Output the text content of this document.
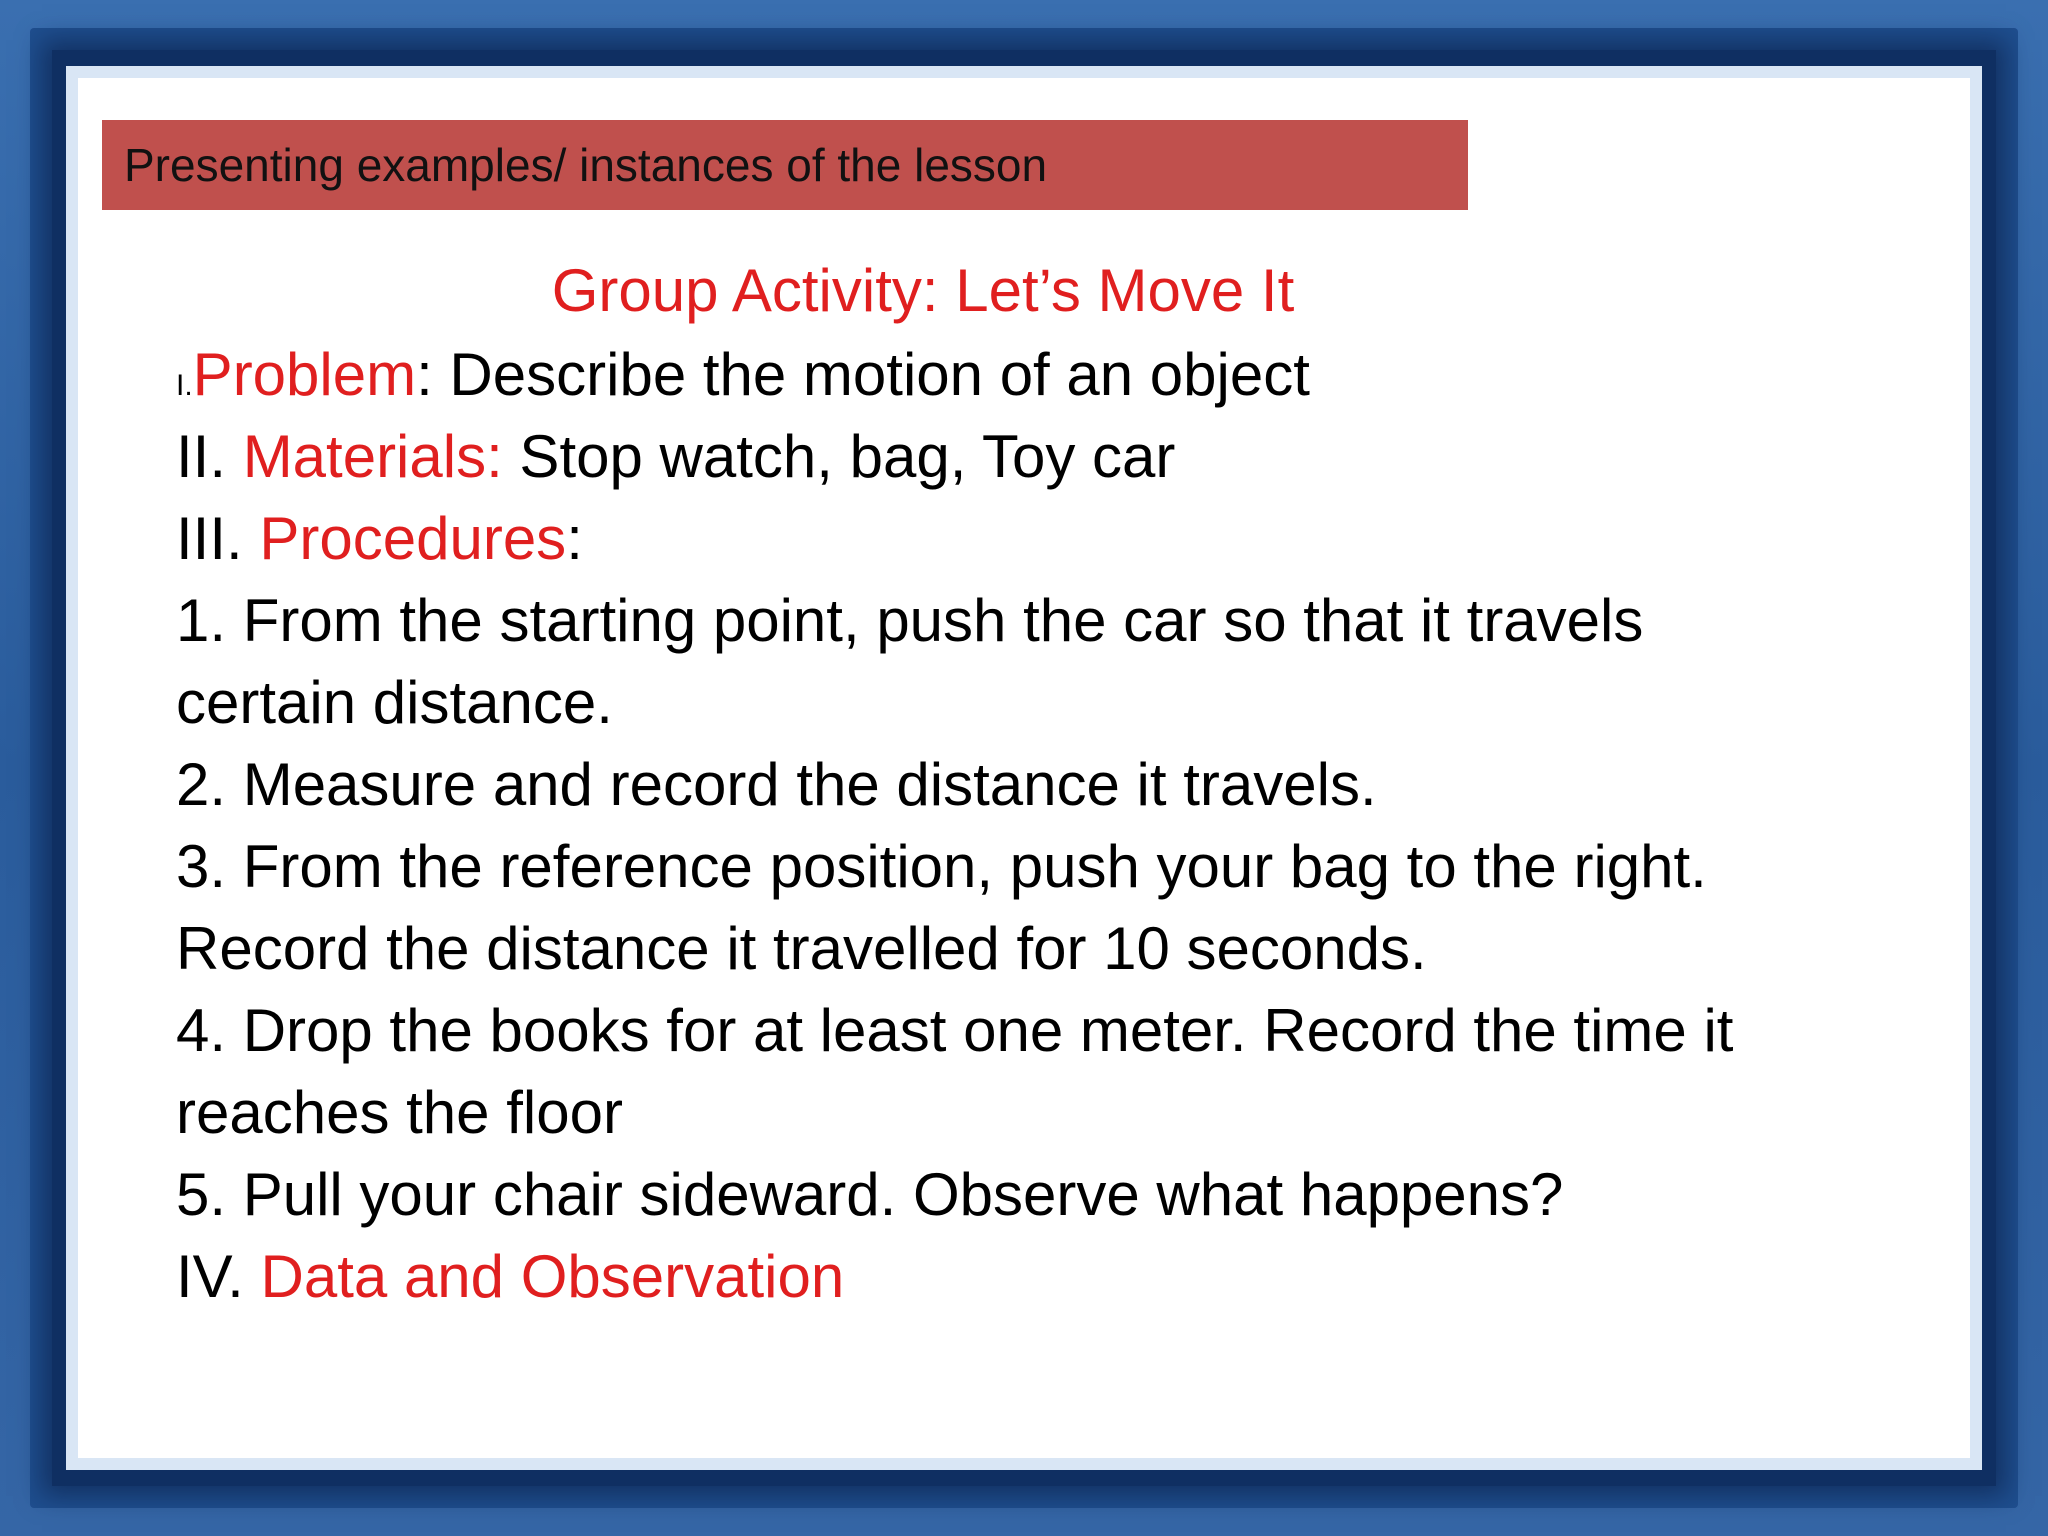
Presenting examples/ instances of the lesson
Group Activity: Let’s Move It
I.Problem: Describe the motion of an object
II. Materials: Stop watch, bag, Toy car
III. Procedures:
1. From the starting point, push the car so that it travels
certain distance.
2. Measure and record the distance it travels.
3. From the reference position, push your bag to the right.
Record the distance it travelled for 10 seconds.
4. Drop the books for at least one meter. Record the time it
reaches the floor
5. Pull your chair sideward. Observe what happens?
IV. Data and Observation
